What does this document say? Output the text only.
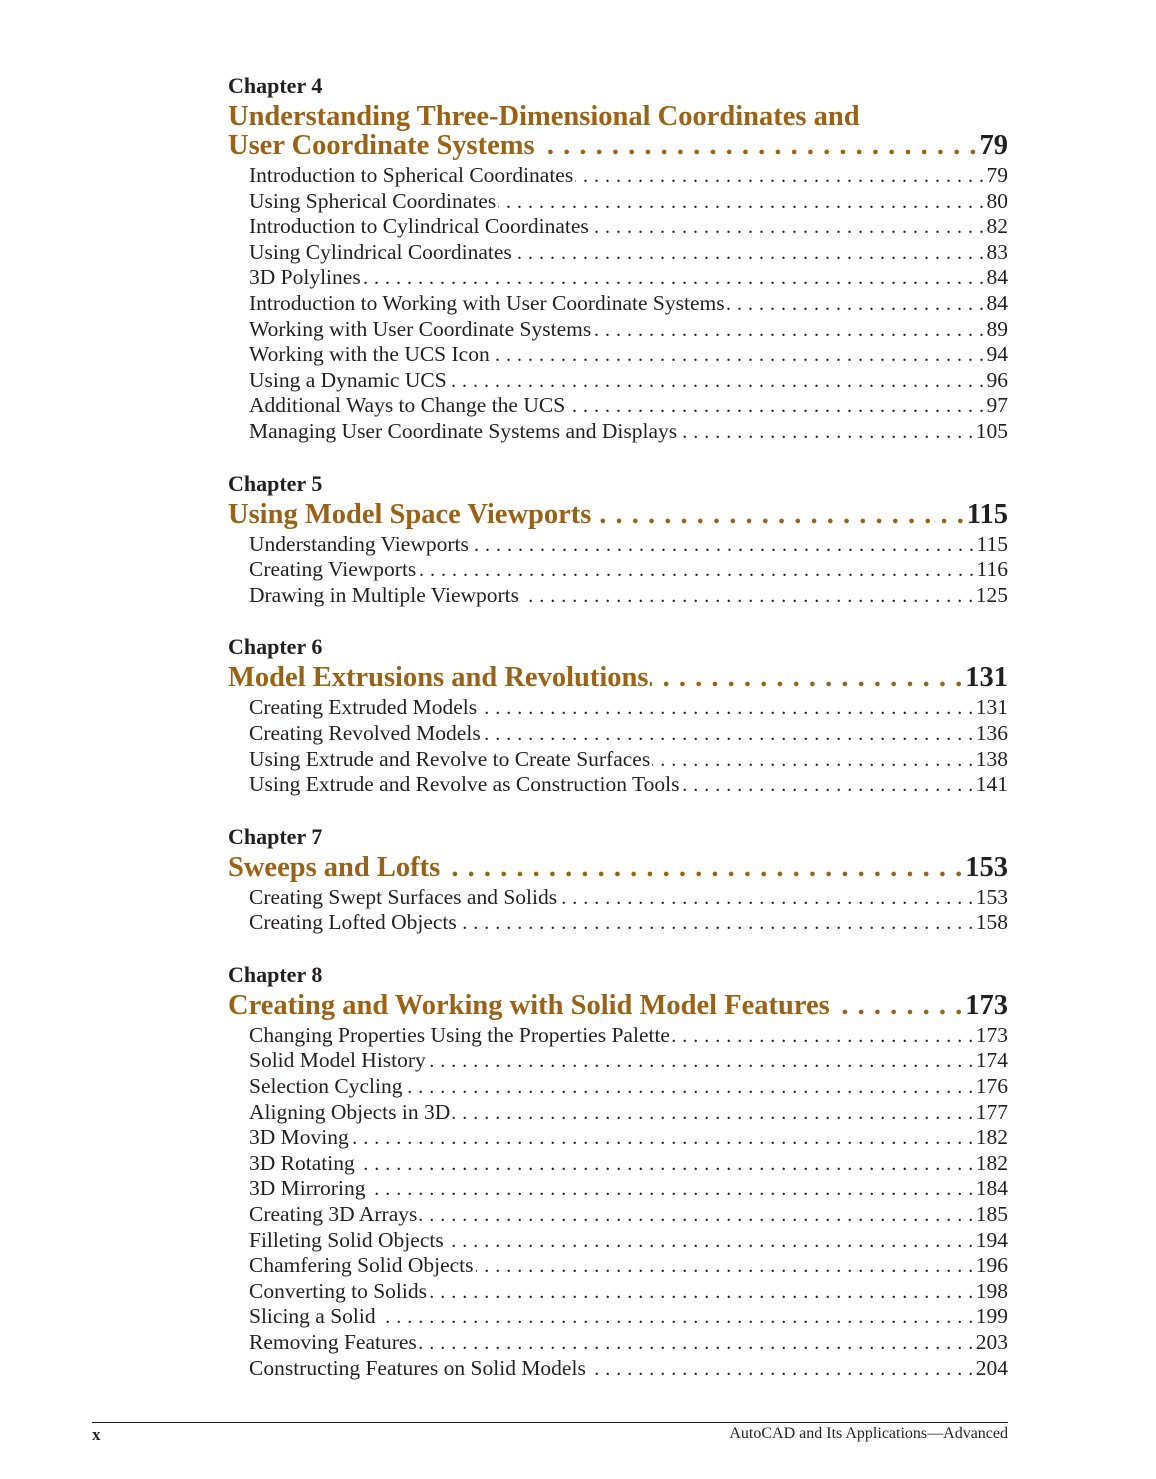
Chapter 4
Understanding Three-Dimensional Coordinates and
User Coordinate Systems . . .	79
Introduction to Spherical Coordinates . . .	79
Using Spherical Coordinates . . .	80
Introduction to Cylindrical Coordinates . . .	82
Using Cylindrical Coordinates . . .	83
3D Polylines . . .	84
Introduction to Working with User Coordinate Systems . . .	84
Working with User Coordinate Systems . . .	89
Working with the UCS Icon . . .	94
Using a Dynamic UCS . . .	96
Additional Ways to Change the UCS . . .	97
Managing User Coordinate Systems and Displays . . .	105
Chapter 5
Using Model Space Viewports . . .	115
Understanding Viewports . . .	115
Creating Viewports . . .	116
Drawing in Multiple Viewports . . .	125
Chapter 6
Model Extrusions and Revolutions . . .	131
Creating Extruded Models . . .	131
Creating Revolved Models . . .	136
Using Extrude and Revolve to Create Surfaces . . .	138
Using Extrude and Revolve as Construction Tools . . .	141
Chapter 7
Sweeps and Lofts . . .	153
Creating Swept Surfaces and Solids . . .	153
Creating Lofted Objects . . .	158
Chapter 8
Creating and Working with Solid Model Features . . .	173
Changing Properties Using the Properties Palette . . .	173
Solid Model History . . .	174
Selection Cycling . . .	176
Aligning Objects in 3D . . .	177
3D Moving . . .	182
3D Rotating . . .	182
3D Mirroring . . .	184
Creating 3D Arrays . . .	185
Filleting Solid Objects . . .	194
Chamfering Solid Objects . . .	196
Converting to Solids . . .	198
Slicing a Solid . . .	199
Removing Features . . .	203
Constructing Features on Solid Models . . .	204
x	AutoCAD and Its Applications—Advanced
